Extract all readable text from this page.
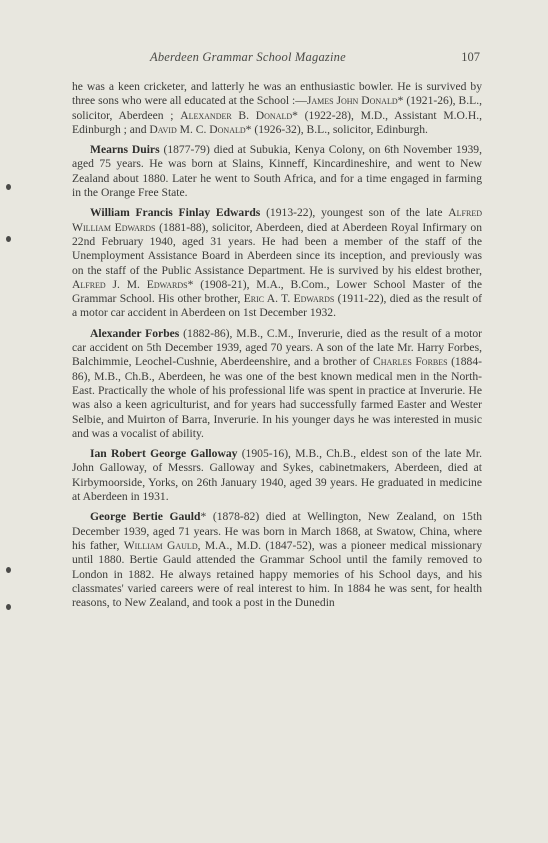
Aberdeen Grammar School Magazine	107

he was a keen cricketer, and latterly he was an enthusiastic bowler. He is survived by three sons who were all educated at the School :—James John Donald* (1921-26), B.L., solicitor, Aberdeen ; Alexander B. Donald* (1922-28), M.D., Assistant M.O.H., Edinburgh ; and David M. C. Donald* (1926-32), B.L., solicitor, Edinburgh.

Mearns Duirs (1877-79) died at Subukia, Kenya Colony, on 6th November 1939, aged 75 years. He was born at Slains, Kinneff, Kincardineshire, and went to New Zealand about 1880. Later he went to South Africa, and for a time engaged in farming in the Orange Free State.

William Francis Finlay Edwards (1913-22), youngest son of the late Alfred William Edwards (1881-88), solicitor, Aberdeen, died at Aberdeen Royal Infirmary on 22nd February 1940, aged 31 years. He had been a member of the staff of the Unemployment Assistance Board in Aberdeen since its inception, and previously was on the staff of the Public Assistance Department. He is survived by his eldest brother, Alfred J. M. Edwards* (1908-21), M.A., B.Com., Lower School Master of the Grammar School. His other brother, Eric A. T. Edwards (1911-22), died as the result of a motor car accident in Aberdeen on 1st December 1932.

Alexander Forbes (1882-86), M.B., C.M., Inverurie, died as the result of a motor car accident on 5th December 1939, aged 70 years. A son of the late Mr. Harry Forbes, Balchimmie, Leochel-Cushnie, Aberdeenshire, and a brother of Charles Forbes (1884-86), M.B., Ch.B., Aberdeen, he was one of the best known medical men in the North-East. Practically the whole of his professional life was spent in practice at Inverurie. He was also a keen agriculturist, and for years had successfully farmed Easter and Wester Selbie, and Muirton of Barra, Inverurie. In his younger days he was interested in music and was a vocalist of ability.

Ian Robert George Galloway (1905-16), M.B., Ch.B., eldest son of the late Mr. John Galloway, of Messrs. Galloway and Sykes, cabinetmakers, Aberdeen, died at Kirbymoorside, Yorks, on 26th January 1940, aged 39 years. He graduated in medicine at Aberdeen in 1931.

George Bertie Gauld* (1878-82) died at Wellington, New Zealand, on 15th December 1939, aged 71 years. He was born in March 1868, at Swatow, China, where his father, William Gauld, M.A., M.D. (1847-52), was a pioneer medical missionary until 1880. Bertie Gauld attended the Grammar School until the family removed to London in 1882. He always retained happy memories of his School days, and his classmates' varied careers were of real interest to him. In 1884 he was sent, for health reasons, to New Zealand, and took a post in the Dunedin
